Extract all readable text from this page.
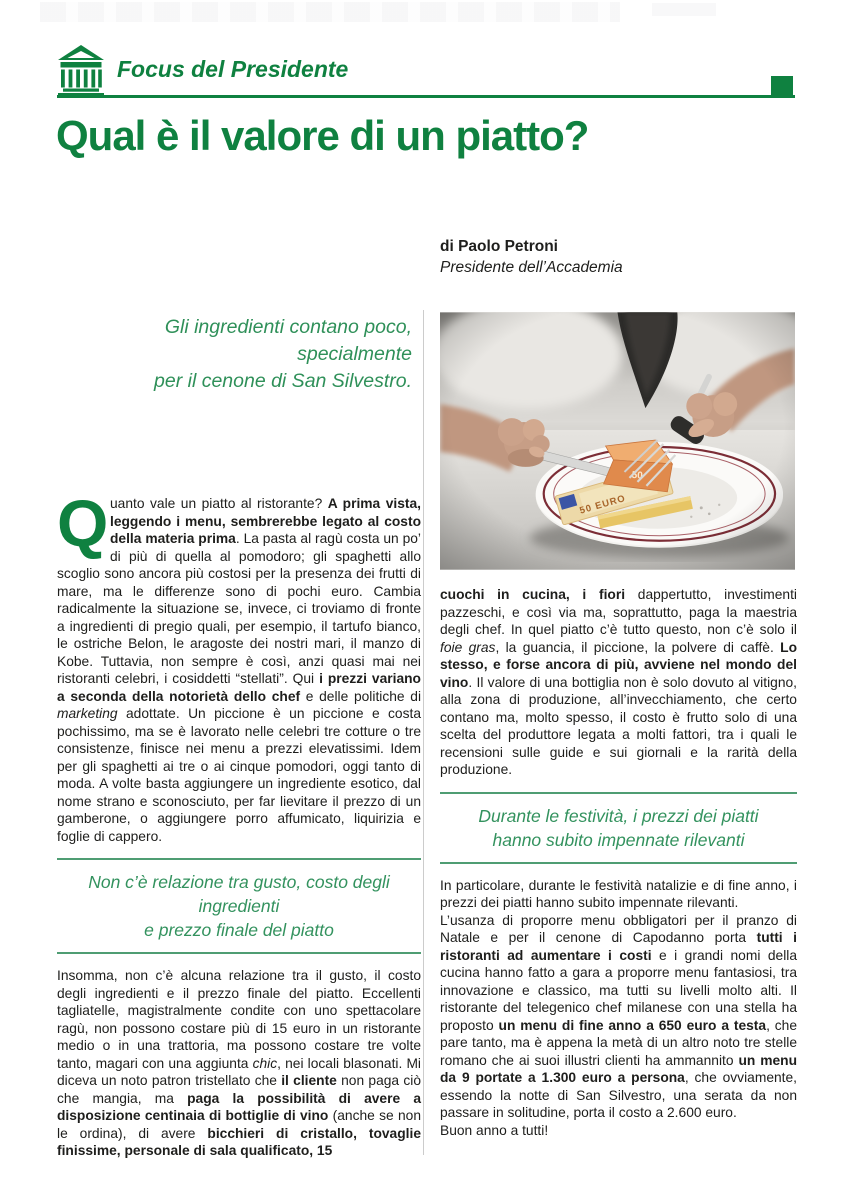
Focus del Presidente
Qual è il valore di un piatto?
di Paolo Petroni
Presidente dell’Accademia
Gli ingredienti contano poco, specialmente
per il cenone di San Silvestro.

Quanto vale un piatto al ristorante? A prima vista, leggendo i menu, sembrerebbe legato al costo della materia prima. La pasta al ragù costa un po’ di più di quella al pomodoro; gli spaghetti allo scoglio sono ancora più costosi per la presenza dei frutti di mare, ma le differenze sono di pochi euro. Cambia radicalmente la situazione se, invece, ci troviamo di fronte a ingredienti di pregio quali, per esempio, il tartufo bianco, le ostriche Belon, le aragoste dei nostri mari, il manzo di Kobe. Tuttavia, non sempre è così, anzi quasi mai nei ristoranti celebri, i cosiddetti “stellati”. Qui i prezzi variano a seconda della notorietà dello chef e delle politiche di marketing adottate. Un piccione è un piccione e costa pochissimo, ma se è lavorato nelle celebri tre cotture o tre consistenze, finisce nei menu a prezzi elevatissimi. Idem per gli spaghetti ai tre o ai cinque pomodori, oggi tanto di moda. A volte basta aggiungere un ingrediente esotico, dal nome strano e sconosciuto, per far lievitare il prezzo di un gamberone, o aggiungere porro affumicato, liquirizia e foglie di cappero.

Non c’è relazione tra gusto, costo degli ingredienti
e prezzo finale del piatto

Insomma, non c’è alcuna relazione tra il gusto, il costo degli ingredienti e il prezzo finale del piatto. Eccellenti tagliatelle, magistralmente condite con uno spettacolare ragù, non possono costare più di 15 euro in un ristorante medio o in una trattoria, ma possono costare tre volte tanto, magari con una aggiunta chic, nei locali blasonati. Mi diceva un noto patron tristellato che il cliente non paga ciò che mangia, ma paga la possibilità di avere a disposizione centinaia di bottiglie di vino (anche se non le ordina), di avere bicchieri di cristallo, tovaglie finissime, personale di sala qualificato, 15

cuochi in cucina, i fiori dappertutto, investimenti pazzeschi, e così via ma, soprattutto, paga la maestria degli chef. In quel piatto c’è tutto questo, non c’è solo il foie gras, la guancia, il piccione, la polvere di caffè. Lo stesso, e forse ancora di più, avviene nel mondo del vino. Il valore di una bottiglia non è solo dovuto al vitigno, alla zona di produzione, all’invecchiamento, che certo contano ma, molto spesso, il costo è frutto solo di una scelta del produttore legata a molti fattori, tra i quali le recensioni sulle guide e sui giornali e la rarità della produzione.

Durante le festività, i prezzi dei piatti
hanno subito impennate rilevanti

In particolare, durante le festività natalizie e di fine anno, i prezzi dei piatti hanno subito impennate rilevanti.

L’usanza di proporre menu obbligatori per il pranzo di Natale e per il cenone di Capodanno porta tutti i ristoranti ad aumentare i costi e i grandi nomi della cucina hanno fatto a gara a proporre menu fantasiosi, tra innovazione e classico, ma tutti su livelli molto alti. Il ristorante del telegenico chef milanese con una stella ha proposto un menu di fine anno a 650 euro a testa, che pare tanto, ma è appena la metà di un altro noto tre stelle romano che ai suoi illustri clienti ha ammannito un menu da 9 portate a 1.300 euro a persona, che ovviamente, essendo la notte di San Silvestro, una serata da non passare in solitudine, porta il costo a 2.600 euro.

Buon anno a tutti!
